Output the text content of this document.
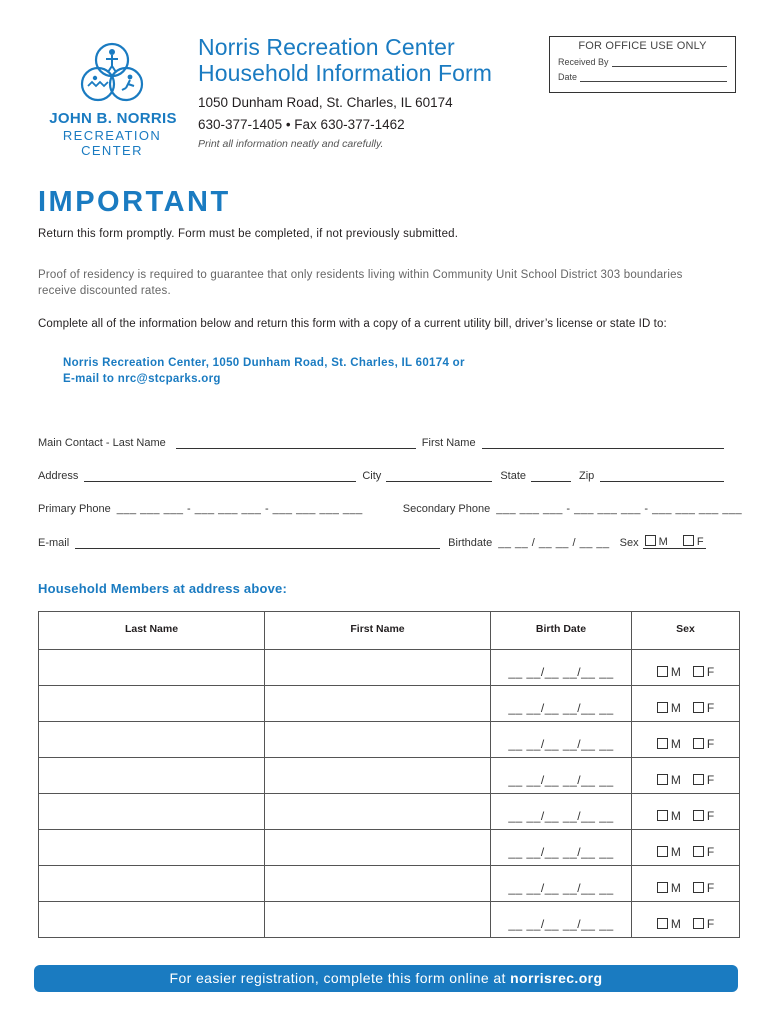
JOHN B. NORRIS
RECREATION CENTER
Norris Recreation Center
Household Information Form
1050 Dunham Road, St. Charles, IL 60174
630-377-1405 • Fax 630-377-1462
Print all information neatly and carefully.
FOR OFFICE USE ONLY
Received By
Date
IMPORTANT
Return this form promptly. Form must be completed, if not previously submitted.
Proof of residency is required to guarantee that only residents living within Community Unit School District 303 boundaries receive discounted rates.
Complete all of the information below and return this form with a copy of a current utility bill, driver’s license or state ID to:
Norris Recreation Center, 1050 Dunham Road, St. Charles, IL 60174 or
E-mail to nrc@stcparks.org
Main Contact - Last Name	First Name
Address	City	State	Zip
Primary Phone ___ ___ ___ - ___ ___ ___ - ___ ___ ___ ___	Secondary Phone ___ ___ ___ - ___ ___ ___ - ___ ___ ___ ___
E-mail	Birthdate __ __ / __ __ / __ __ Sex	M	F
Household Members at address above:
Last Name	First Name	Birth Date	Sex
		__ __/__ __/__ __	M F
		__ __/__ __/__ __	M F
		__ __/__ __/__ __	M F
		__ __/__ __/__ __	M F
		__ __/__ __/__ __	M F
		__ __/__ __/__ __	M F
		__ __/__ __/__ __	M F
		__ __/__ __/__ __	M F
For easier registration, complete this form online at norrisrec.org
